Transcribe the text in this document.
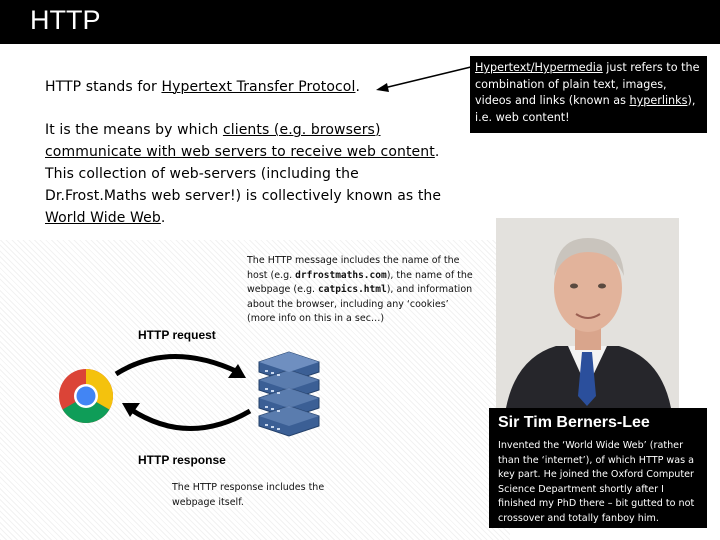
HTTP
HTTP stands for Hypertext Transfer Protocol.
It is the means by which clients (e.g. browsers) communicate with web servers to receive web content. This collection of web-servers (including the Dr.Frost.Maths web server!) is collectively known as the World Wide Web.
Hypertext/Hypermedia just refers to the combination of plain text, images, videos and links (known as hyperlinks), i.e. web content!
The HTTP message includes the name of the host (e.g. drfrostmaths.com), the name of the webpage (e.g. catpics.html), and information about the browser, including any ‘cookies’ (more info on this in a sec…)
HTTP request
HTTP response
The HTTP response includes the webpage itself.
Sir Tim Berners-Lee
Invented the ‘World Wide Web’ (rather than the ‘internet’), of which HTTP was a key part. He joined the Oxford Computer Science Department shortly after I finished my PhD there – bit gutted to not crossover and totally fanboy him.
